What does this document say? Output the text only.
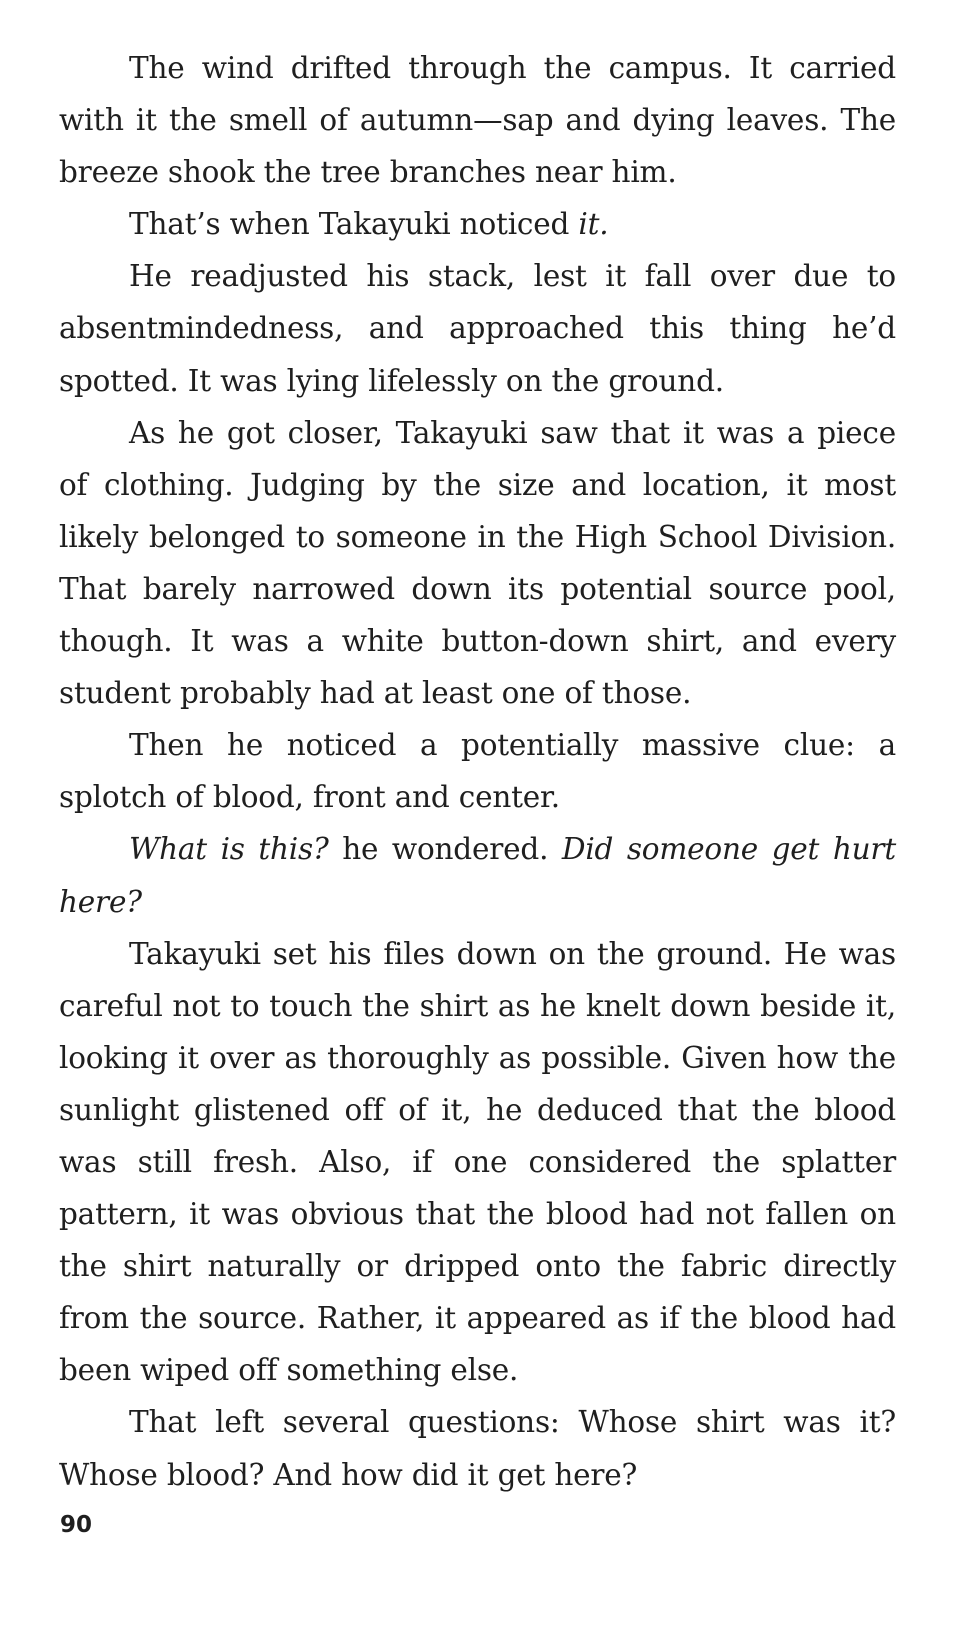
The wind drifted through the campus. It carried with it the smell of autumn—sap and dying leaves. The breeze shook the tree branches near him.

That’s when Takayuki noticed it.

He readjusted his stack, lest it fall over due to absentmindedness, and approached this thing he’d spotted. It was lying lifelessly on the ground.

As he got closer, Takayuki saw that it was a piece of clothing. Judging by the size and location, it most likely belonged to someone in the High School Division. That barely narrowed down its potential source pool, though. It was a white button-down shirt, and every student probably had at least one of those.

Then he noticed a potentially massive clue: a splotch of blood, front and center.

What is this? he wondered. Did someone get hurt here?

Takayuki set his files down on the ground. He was careful not to touch the shirt as he knelt down beside it, looking it over as thoroughly as possible. Given how the sunlight glistened off of it, he deduced that the blood was still fresh. Also, if one considered the splatter pattern, it was obvious that the blood had not fallen on the shirt naturally or dripped onto the fabric directly from the source. Rather, it appeared as if the blood had been wiped off something else.

That left several questions: Whose shirt was it? Whose blood? And how did it get here?

90
